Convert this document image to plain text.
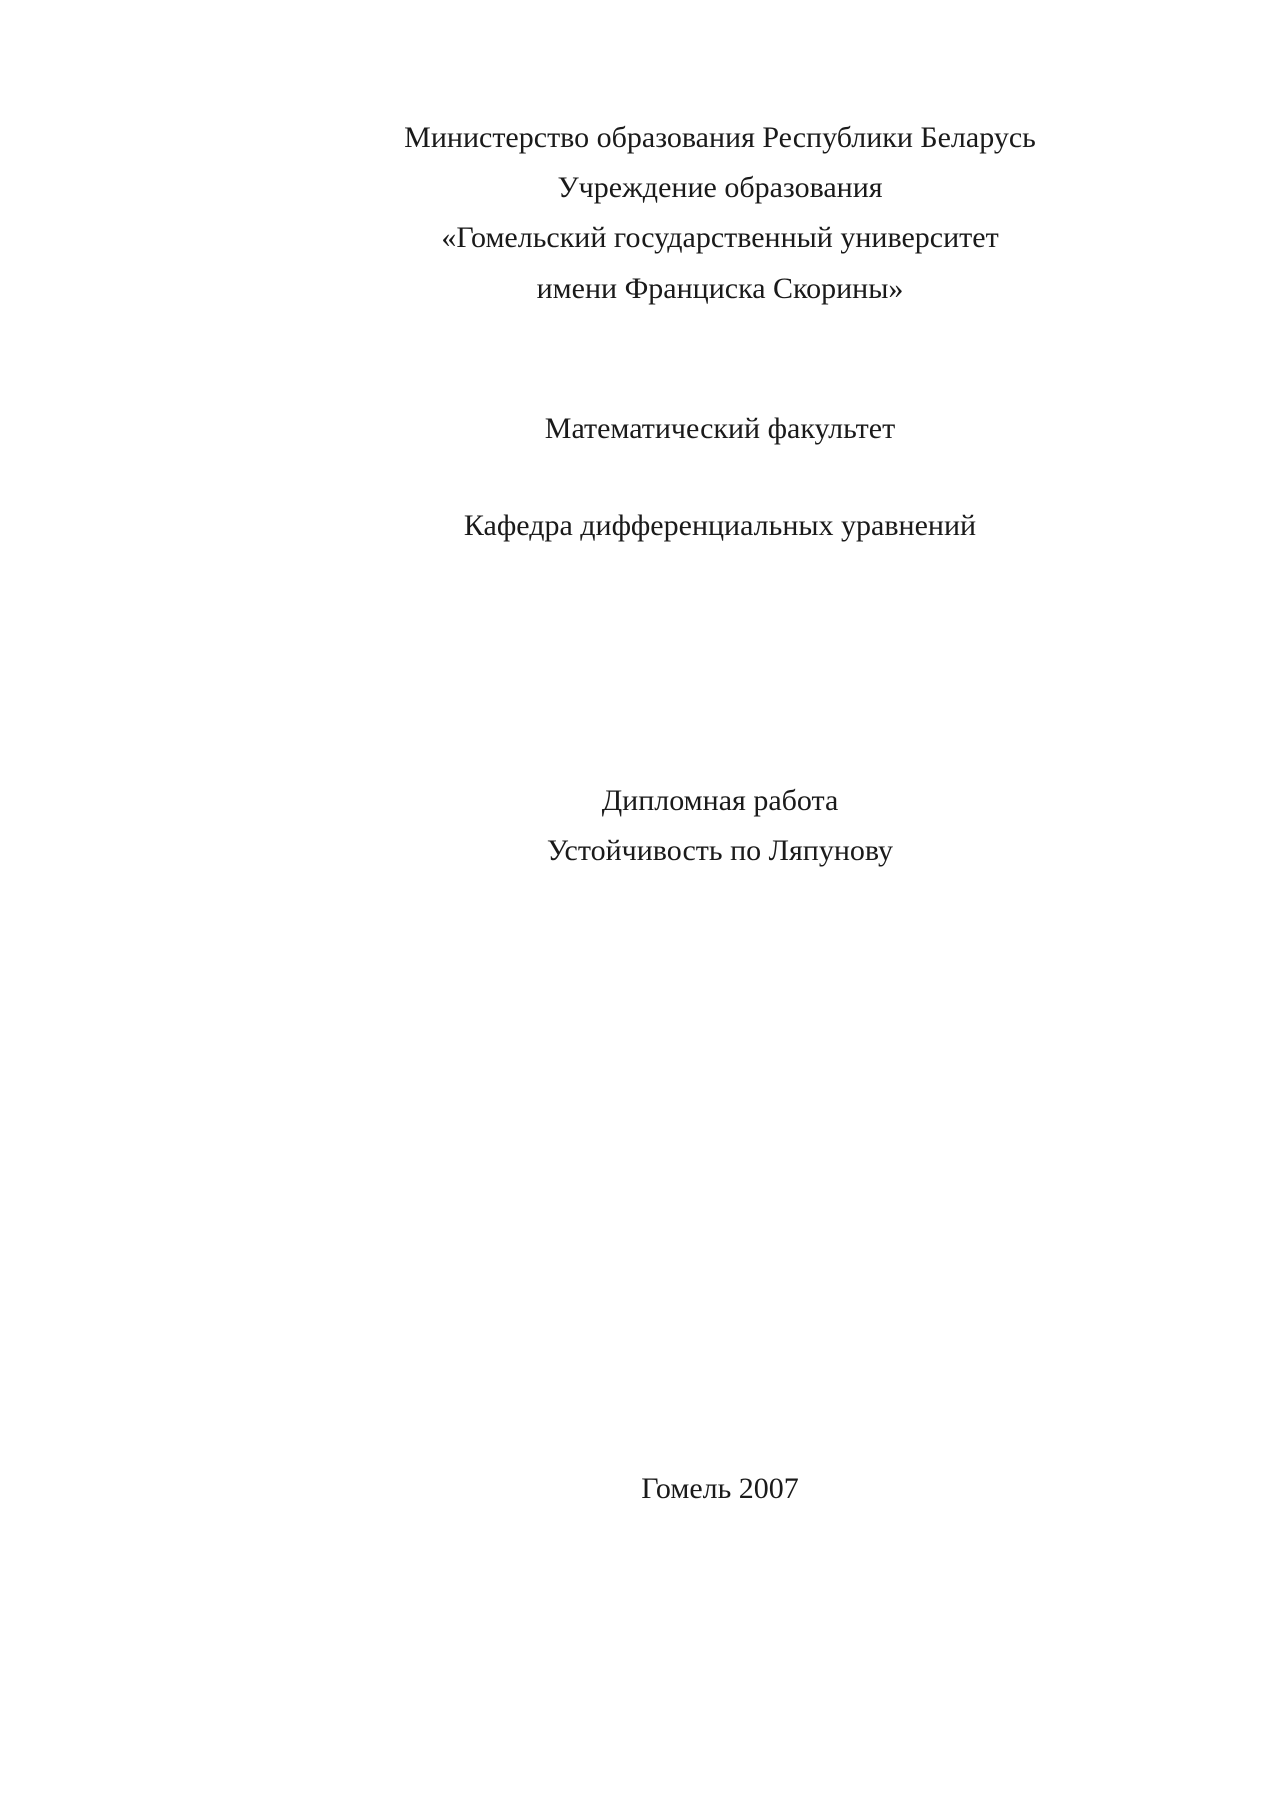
Министерство образования Республики Беларусь
Учреждение образования
«Гомельский государственный университет
имени Франциска Скорины»
Математический факультет
Кафедра дифференциальных уравнений
Дипломная работа
Устойчивость по Ляпунову
Гомель 2007
